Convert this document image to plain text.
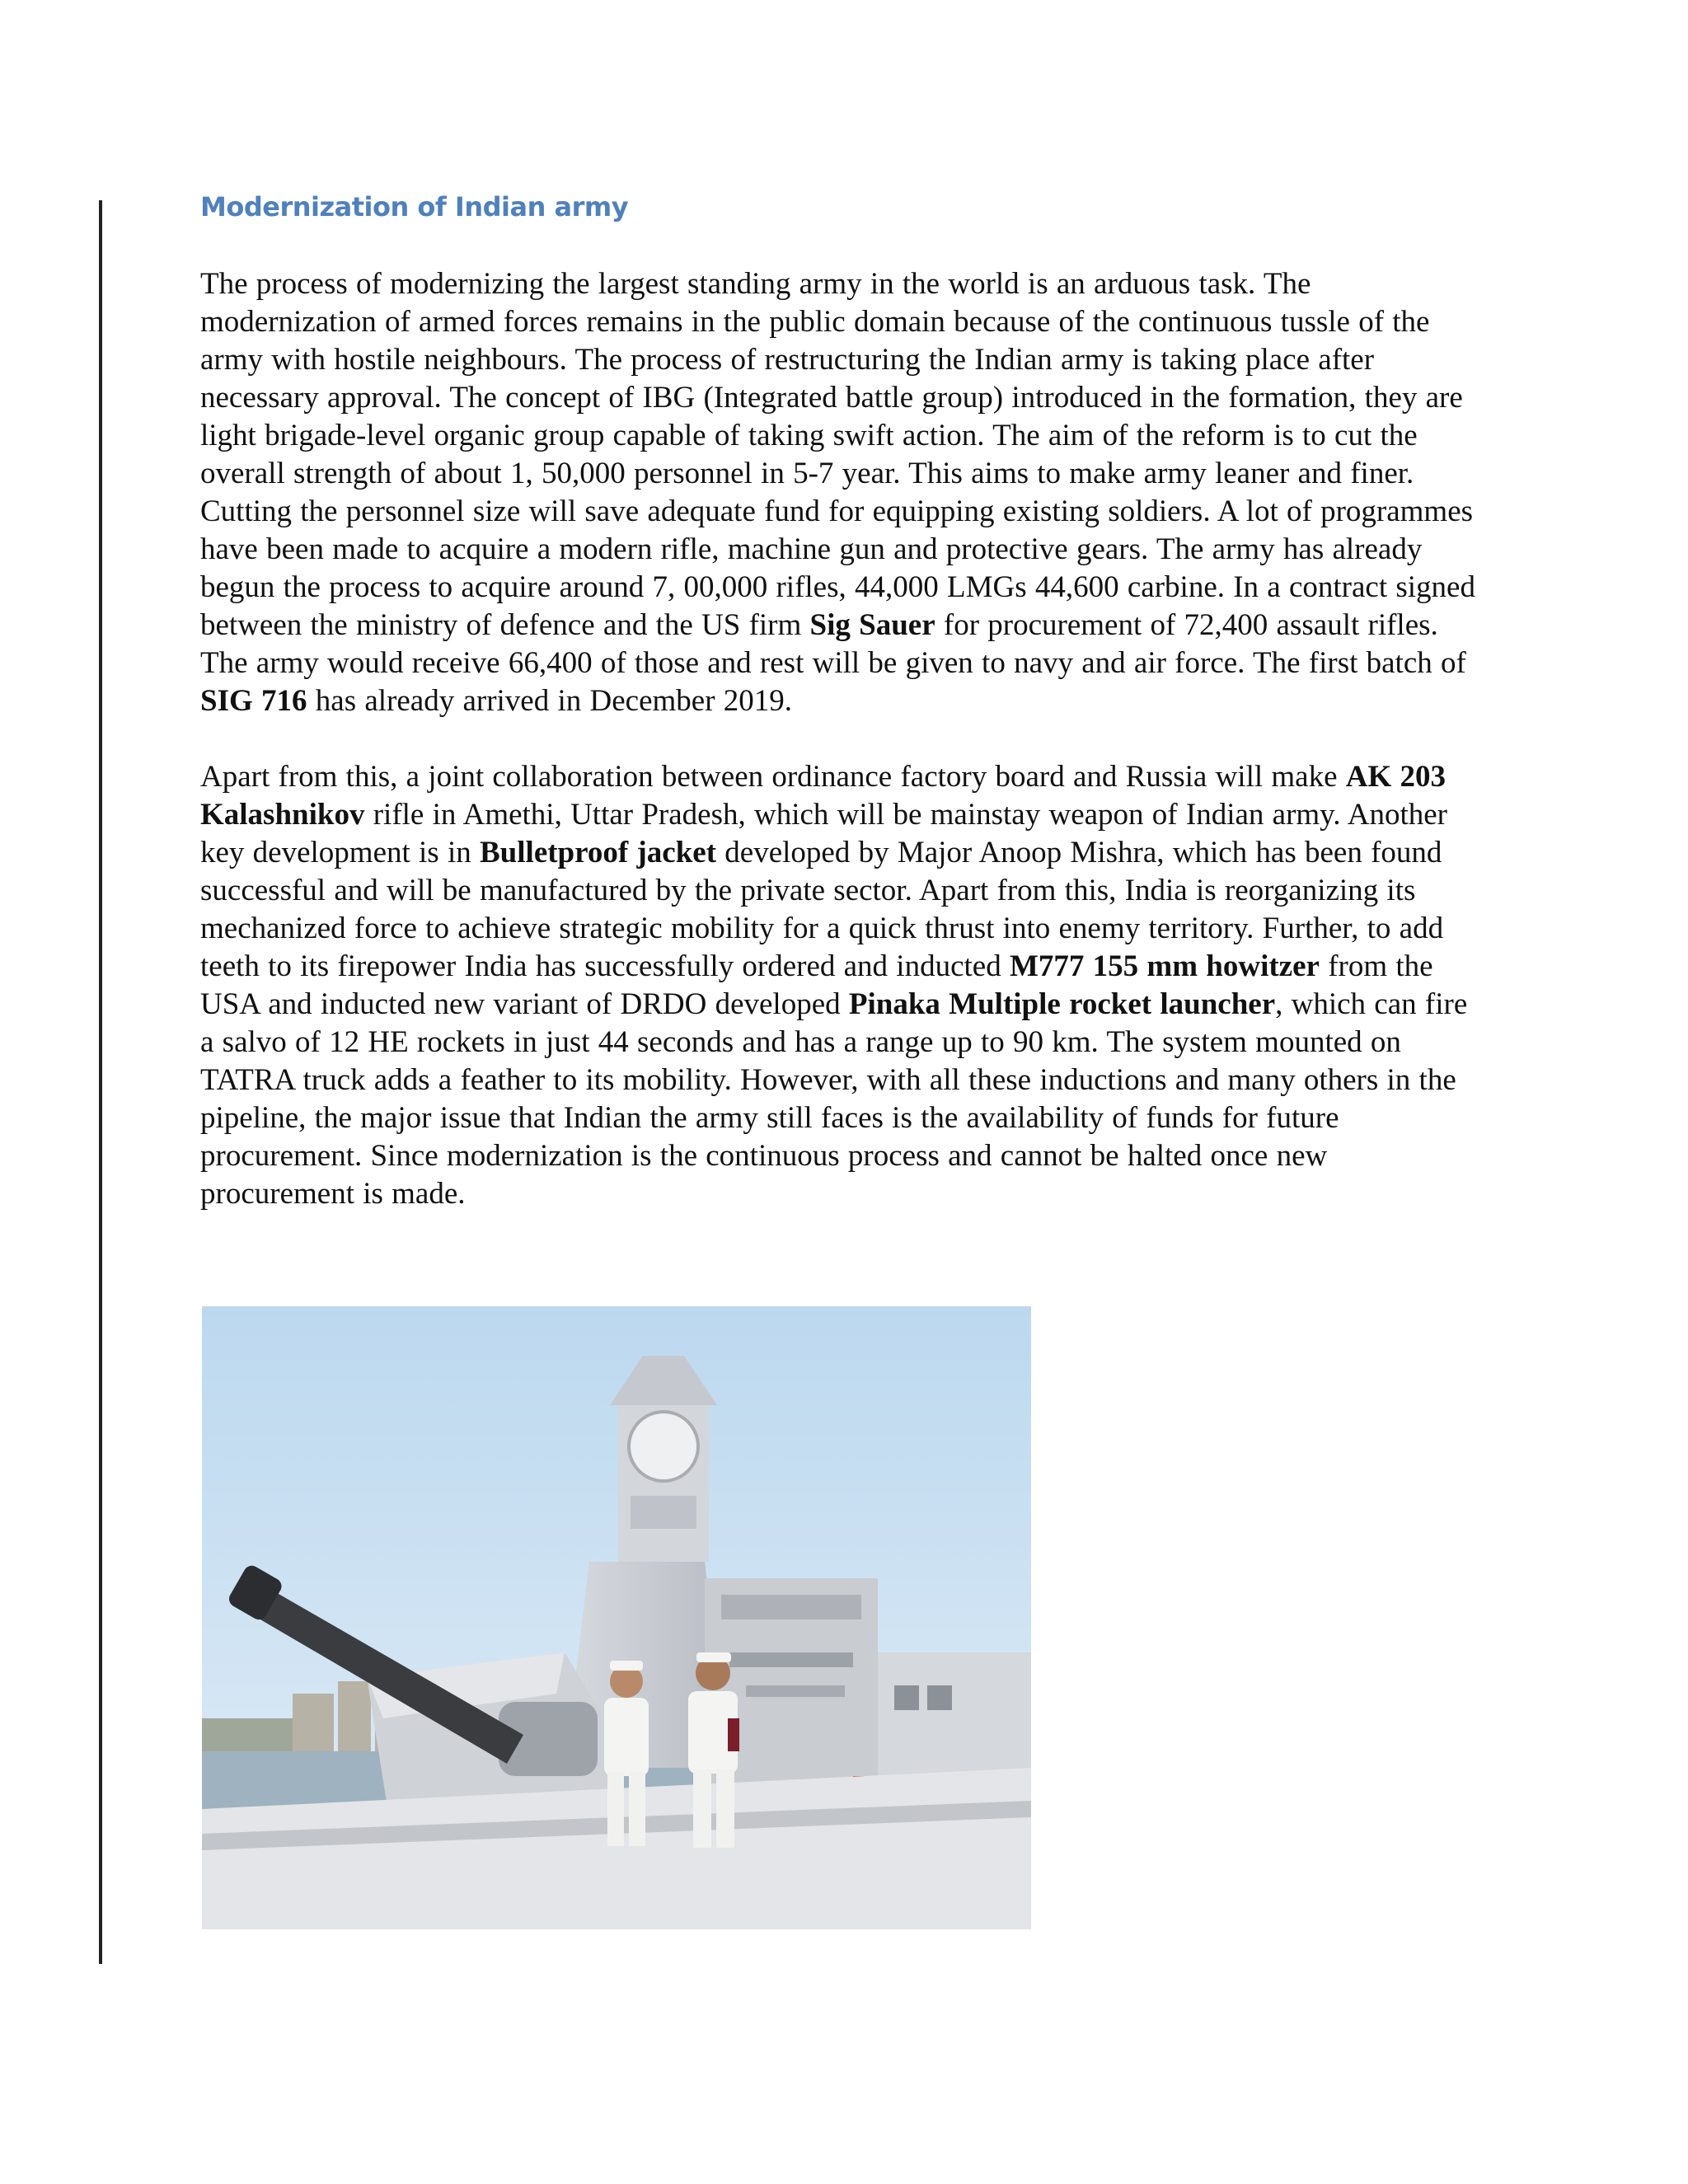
Modernization of Indian army

The process of modernizing the largest standing army in the world is an arduous task. The modernization of armed forces remains in the public domain because of the continuous tussle of the army with hostile neighbours. The process of restructuring the Indian army is taking place after necessary approval. The concept of IBG (Integrated battle group) introduced in the formation, they are light brigade-level organic group capable of taking swift action. The aim of the reform is to cut the overall strength of about 1, 50,000 personnel in 5-7 year. This aims to make army leaner and finer. Cutting the personnel size will save adequate fund for equipping existing soldiers. A lot of programmes have been made to acquire a modern rifle, machine gun and protective gears. The army has already begun the process to acquire around 7, 00,000 rifles, 44,000 LMGs 44,600 carbine. In a contract signed between the ministry of defence and the US firm Sig Sauer for procurement of 72,400 assault rifles. The army would receive 66,400 of those and rest will be given to navy and air force. The first batch of SIG 716 has already arrived in December 2019.

Apart from this, a joint collaboration between ordinance factory board and Russia will make AK 203 Kalashnikov rifle in Amethi, Uttar Pradesh, which will be mainstay weapon of Indian army. Another key development is in Bulletproof jacket developed by Major Anoop Mishra, which has been found successful and will be manufactured by the private sector. Apart from this, India is reorganizing its mechanized force to achieve strategic mobility for a quick thrust into enemy territory. Further, to add teeth to its firepower India has successfully ordered and inducted M777 155 mm howitzer from the USA and inducted new variant of DRDO developed Pinaka Multiple rocket launcher, which can fire a salvo of 12 HE rockets in just 44 seconds and has a range up to 90 km. The system mounted on TATRA truck adds a feather to its mobility. However, with all these inductions and many others in the pipeline, the major issue that Indian the army still faces is the availability of funds for future procurement. Since modernization is the continuous process and cannot be halted once new procurement is made.
